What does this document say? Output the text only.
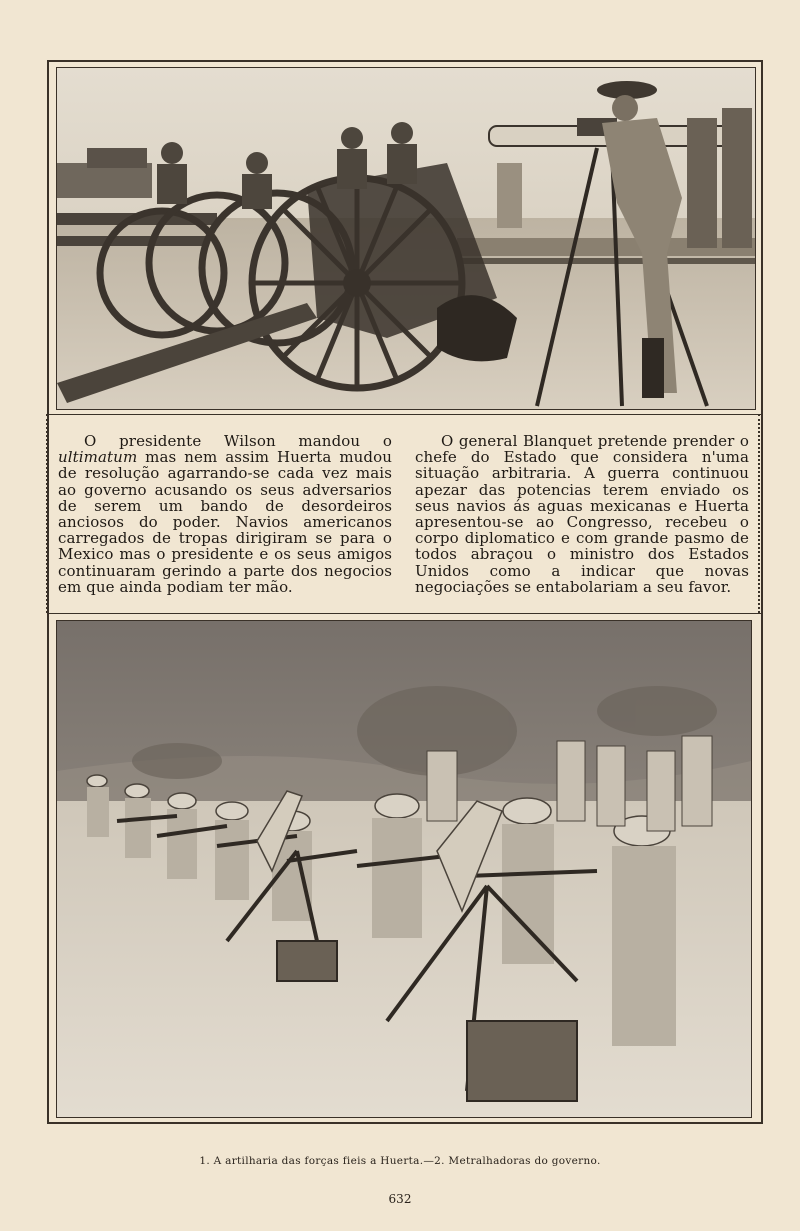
O presidente Wilson mandou o ultimatum mas nem assim Huerta mudou de resolução agarrando-se cada vez mais ao governo acusando os seus adversarios de serem um bando de desordeiros anciosos do poder. Navios americanos carregados de tropas dirigiram se para o Mexico mas o presidente e os seus amigos continuaram gerindo a parte dos negocios em que ainda podiam ter mão.

O general Blanquet pretende prender o chefe do Estado que considera n'uma situação arbitraria. A guerra continuou apezar das potencias terem enviado os seus navios ás aguas mexicanas e Huerta apresentou-se ao Congresso, recebeu o corpo diplomatico e com grande pasmo de todos abraçou o ministro dos Estados Unidos como a indicar que novas negociações se entabolariam a seu favor.

1. A artilharia das forças fieis a Huerta.—2. Metralhadoras do governo.
632
